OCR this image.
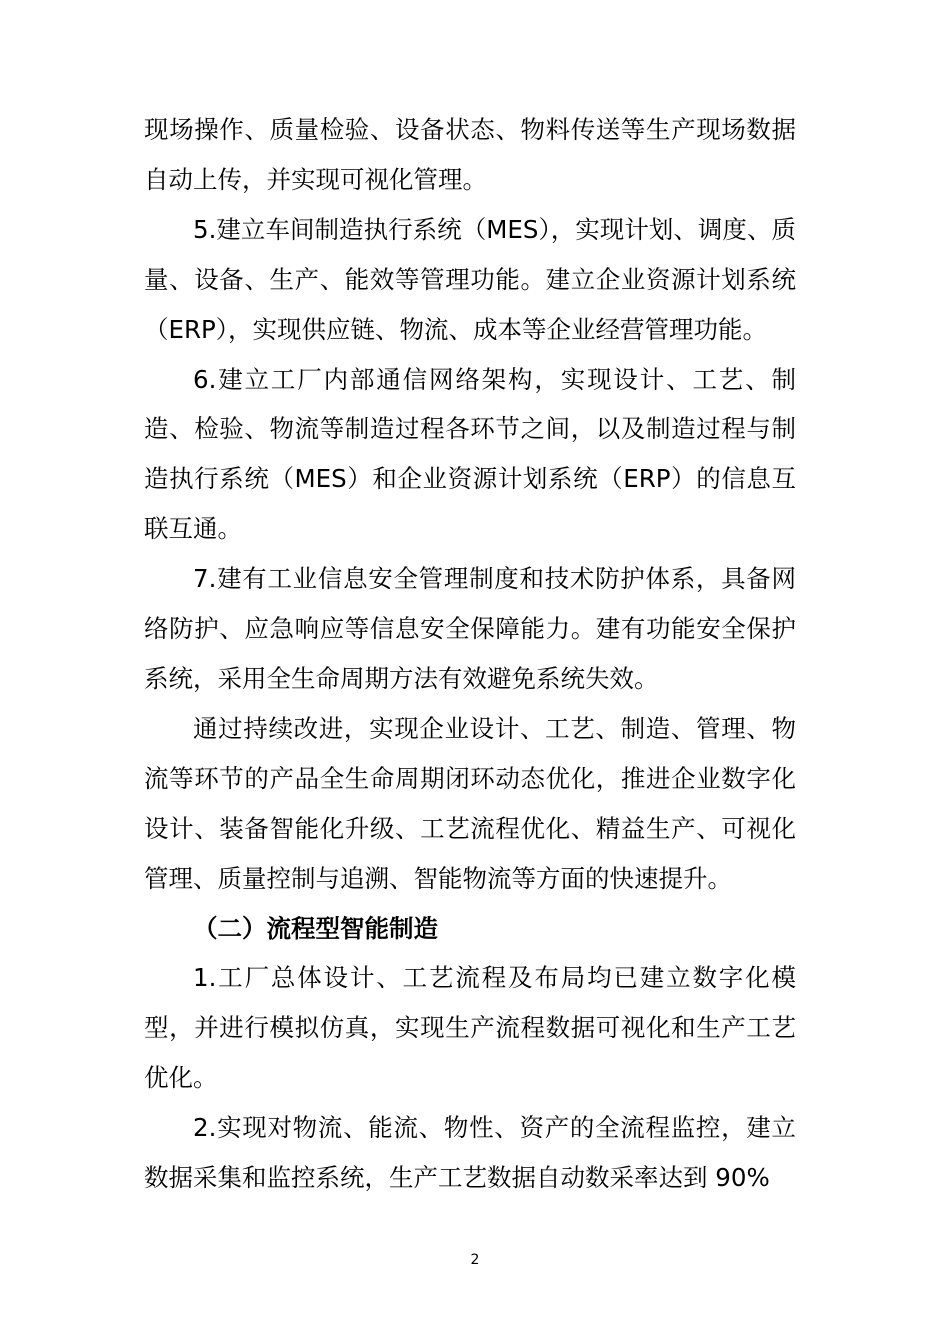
现场操作、质量检验、设备状态、物料传送等生产现场数据自动上传，并实现可视化管理。

5.建立车间制造执行系统（MES），实现计划、调度、质量、设备、生产、能效等管理功能。建立企业资源计划系统（ERP），实现供应链、物流、成本等企业经营管理功能。

6.建立工厂内部通信网络架构，实现设计、工艺、制造、检验、物流等制造过程各环节之间，以及制造过程与制造执行系统（MES）和企业资源计划系统（ERP）的信息互联互通。

7.建有工业信息安全管理制度和技术防护体系，具备网络防护、应急响应等信息安全保障能力。建有功能安全保护系统，采用全生命周期方法有效避免系统失效。

通过持续改进，实现企业设计、工艺、制造、管理、物流等环节的产品全生命周期闭环动态优化，推进企业数字化设计、装备智能化升级、工艺流程优化、精益生产、可视化管理、质量控制与追溯、智能物流等方面的快速提升。

（二）流程型智能制造

1.工厂总体设计、工艺流程及布局均已建立数字化模型，并进行模拟仿真，实现生产流程数据可视化和生产工艺优化。

2.实现对物流、能流、物性、资产的全流程监控，建立数据采集和监控系统，生产工艺数据自动数采率达到 90%

2
